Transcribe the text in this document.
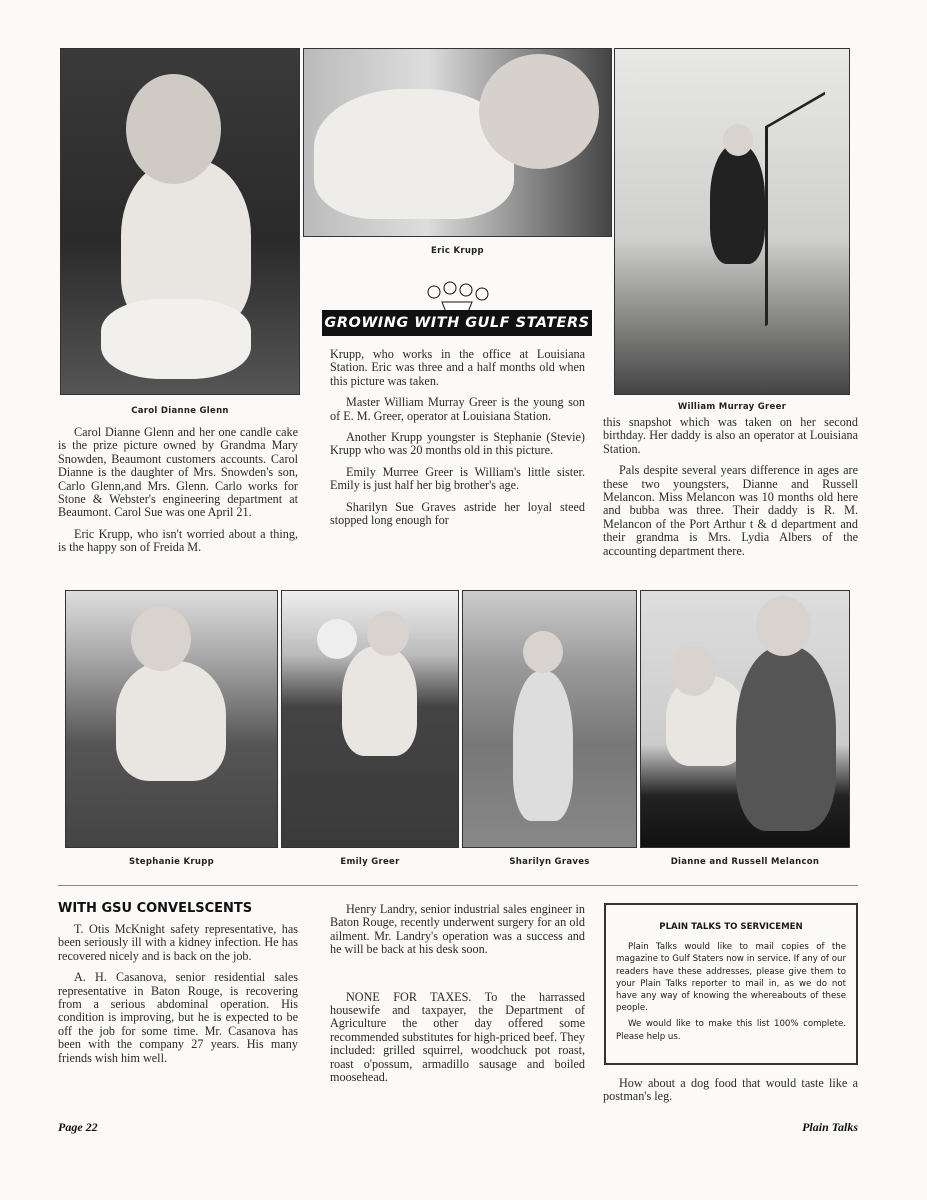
Eric Krupp
GROWING WITH GULF STATERS
Carol Dianne Glenn	William Murray Greer

Carol Dianne Glenn and her one candle cake is the prize picture owned by Grandma Mary Snowden, Beaumont customers accounts. Carol Dianne is the daughter of Mrs. Snowden's son, Carlo Glenn,and Mrs. Glenn. Carlo works for Stone & Webster's engineering department at Beaumont. Carol Sue was one April 21.

Eric Krupp, who isn't worried about a thing, is the happy son of Freida M.

Krupp, who works in the office at Louisiana Station. Eric was three and a half months old when this picture was taken.

Master William Murray Greer is the young son of E. M. Greer, operator at Louisiana Station.

Another Krupp youngster is Stephanie (Stevie) Krupp who was 20 months old in this picture.

Emily Murree Greer is William's little sister. Emily is just half her big brother's age.

Sharilyn Sue Graves astride her loyal steed stopped long enough for

this snapshot which was taken on her second birthday. Her daddy is also an operator at Louisiana Station.

Pals despite several years difference in ages are these two youngsters, Dianne and Russell Melancon. Miss Melancon was 10 months old here and bubba was three. Their daddy is R. M. Melancon of the Port Arthur t & d department and their grandma is Mrs. Lydia Albers of the accounting department there.

Stephanie Krupp	Emily Greer	Sharilyn Graves	Dianne and Russell Melancon
WITH GSU CONVELSCENTS

T. Otis McKnight safety representative, has been seriously ill with a kidney infection. He has recovered nicely and is back on the job.

A. H. Casanova, senior residential sales representative in Baton Rouge, is recovering from a serious abdominal operation. His condition is improving, but he is expected to be off the job for some time. Mr. Casanova has been with the company 27 years. His many friends wish him well.

Henry Landry, senior industrial sales engineer in Baton Rouge, recently underwent surgery for an old ailment. Mr. Landry's operation was a success and he will be back at his desk soon.

NONE FOR TAXES. To the harrassed housewife and taxpayer, the Department of Agriculture the other day offered some recommended substitutes for high-priced beef. They included: grilled squirrel, woodchuck pot roast, roast o'possum, armadillo sausage and boiled moosehead.

PLAIN TALKS TO SERVICEMEN

Plain Talks would like to mail copies of the magazine to Gulf Staters now in service. If any of our readers have these addresses, please give them to your Plain Talks reporter to mail in, as we do not have any way of knowing the whereabouts of these people.

We would like to make this list 100% complete. Please help us.

How about a dog food that would taste like a postman's leg.

Page 22	Plain Talks
